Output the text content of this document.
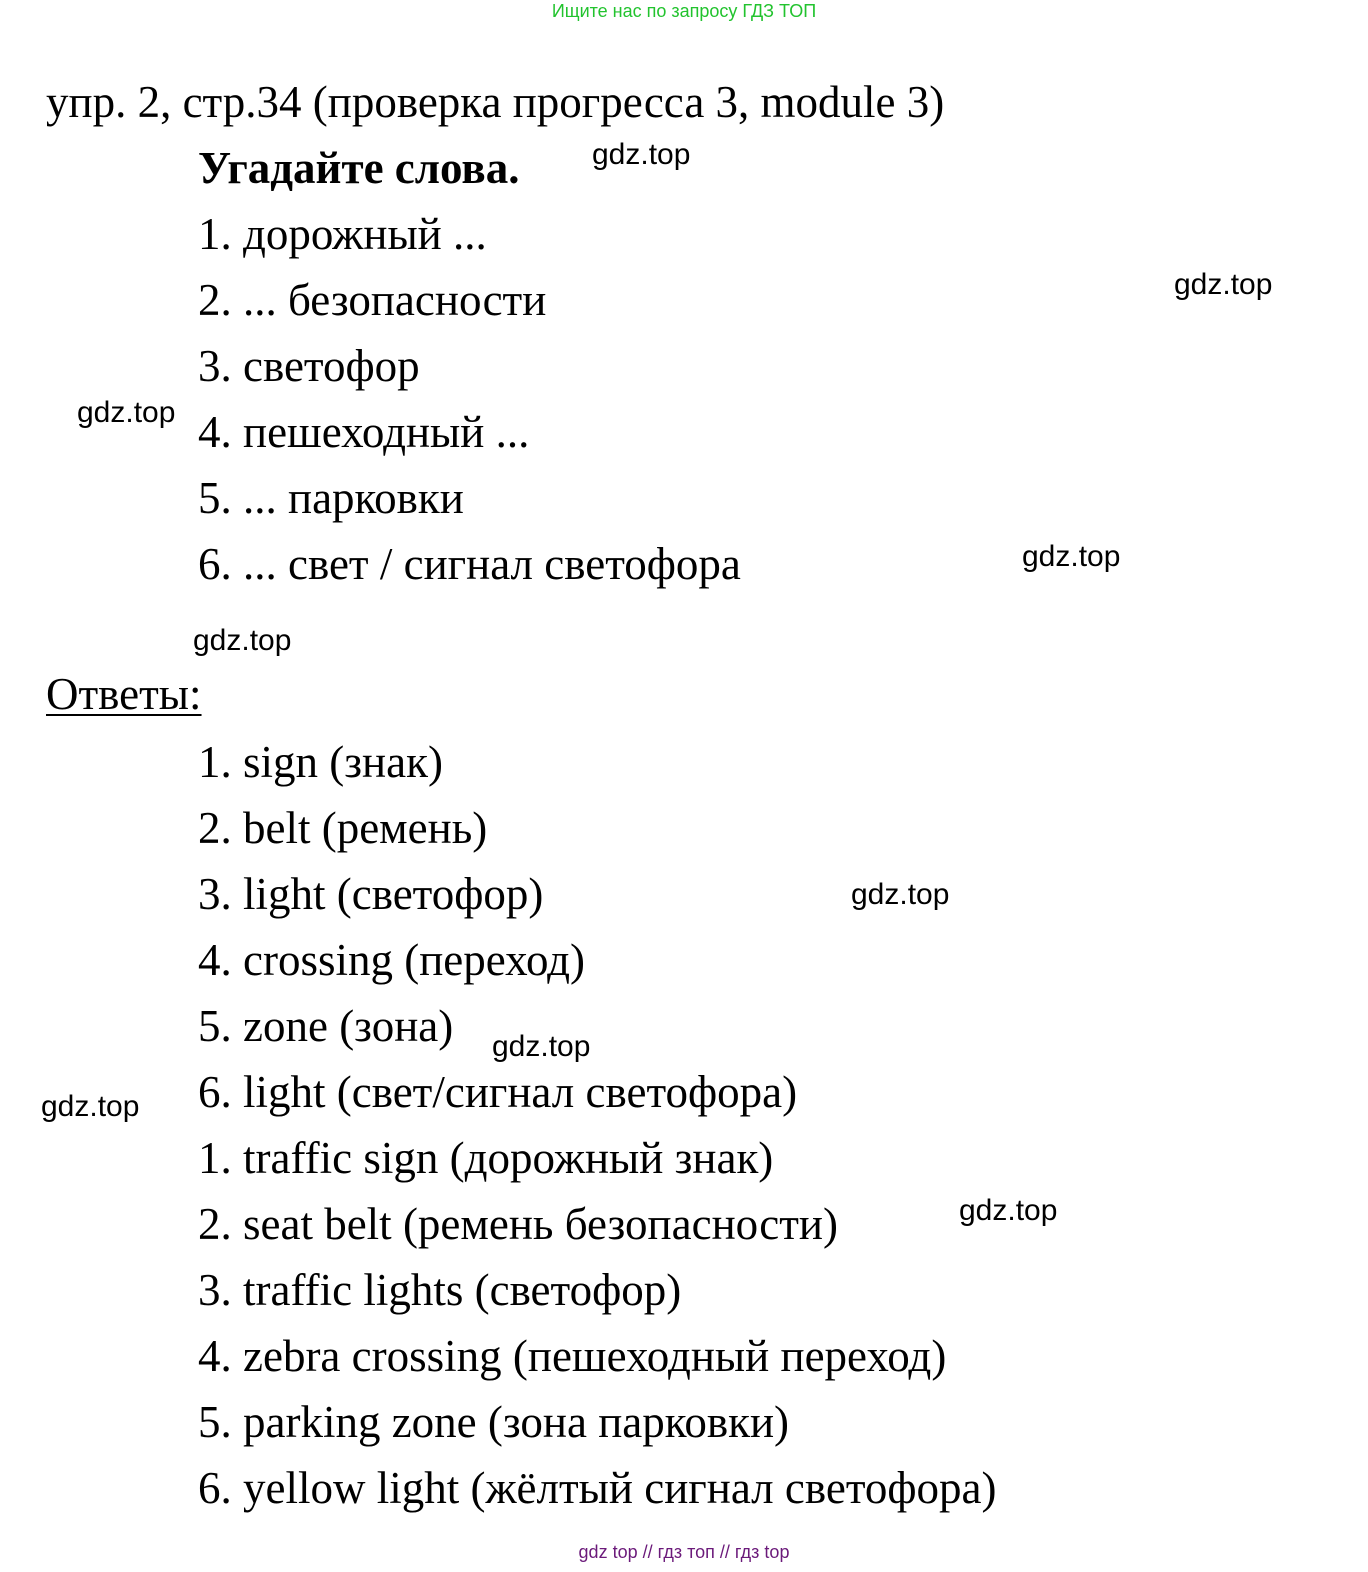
Ищите нас по запросу ГДЗ ТОП
упр. 2, стр.34 (проверка прогресса 3, module 3)
Угадайте слова.
1. дорожный ...
2. ... безопасности
3. светофор
4. пешеходный ...
5. ... парковки
6. ... свет / сигнал светофора
Ответы:
1. sign (знак)
2. belt (ремень)
3. light (светофор)
4. crossing (переход)
5. zone (зона)
6. light (свет/сигнал светофора)
1. traffic sign (дорожный знак)
2. seat belt (ремень безопасности)
3. traffic lights (светофор)
4. zebra crossing (пешеходный переход)
5. parking zone (зона парковки)
6. yellow light (жёлтый сигнал светофора)
gdz.top
gdz.top
gdz.top
gdz.top
gdz.top
gdz.top
gdz.top
gdz.top
gdz.top
gdz top // гдз топ // гдз top
